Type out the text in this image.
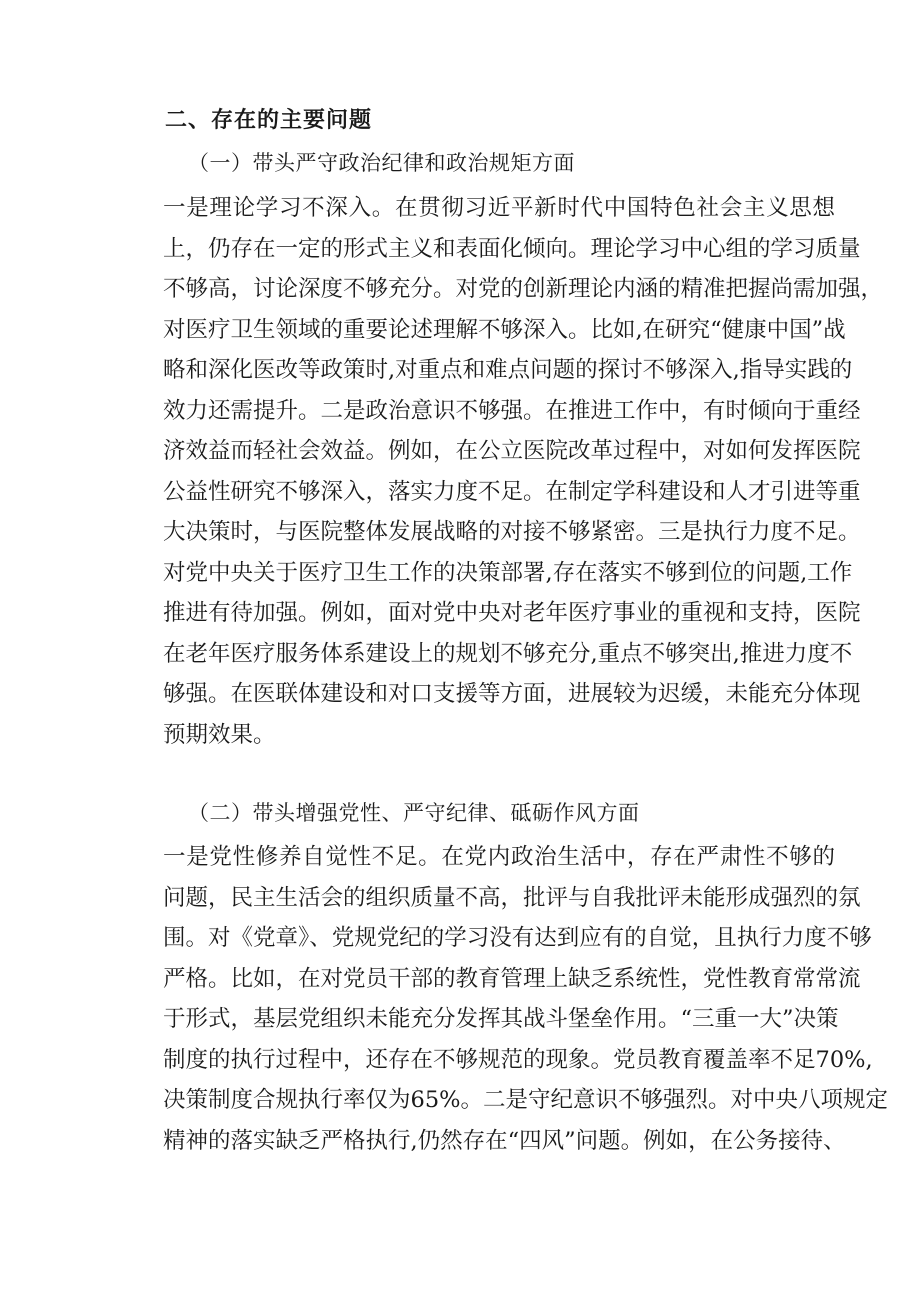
二、存在的主要问题
（一）带头严守政治纪律和政治规矩方面
一是理论学习不深入。在贯彻习近平新时代中国特色社会主义思想
上，仍存在一定的形式主义和表面化倾向。理论学习中心组的学习质量
不够高，讨论深度不够充分。对党的创新理论内涵的精准把握尚需加强，
对医疗卫生领域的重要论述理解不够深入。比如,在研究“健康中国”战
略和深化医改等政策时,对重点和难点问题的探讨不够深入,指导实践的
效力还需提升。二是政治意识不够强。在推进工作中，有时倾向于重经
济效益而轻社会效益。例如，在公立医院改革过程中，对如何发挥医院
公益性研究不够深入，落实力度不足。在制定学科建设和人才引进等重
大决策时，与医院整体发展战略的对接不够紧密。三是执行力度不足。
对党中央关于医疗卫生工作的决策部署,存在落实不够到位的问题,工作
推进有待加强。例如，面对党中央对老年医疗事业的重视和支持，医院
在老年医疗服务体系建设上的规划不够充分,重点不够突出,推进力度不
够强。在医联体建设和对口支援等方面，进展较为迟缓，未能充分体现
预期效果。
（二）带头增强党性、严守纪律、砥砺作风方面
一是党性修养自觉性不足。在党内政治生活中，存在严肃性不够的
问题，民主生活会的组织质量不高，批评与自我批评未能形成强烈的氛
围。对《党章》、党规党纪的学习没有达到应有的自觉，且执行力度不够
严格。比如，在对党员干部的教育管理上缺乏系统性，党性教育常常流
于形式，基层党组织未能充分发挥其战斗堡垒作用。“三重一大”决策
制度的执行过程中，还存在不够规范的现象。党员教育覆盖率不足70%,
决策制度合规执行率仅为65%。二是守纪意识不够强烈。对中央八项规定
精神的落实缺乏严格执行,仍然存在“四风”问题。例如，在公务接待、
